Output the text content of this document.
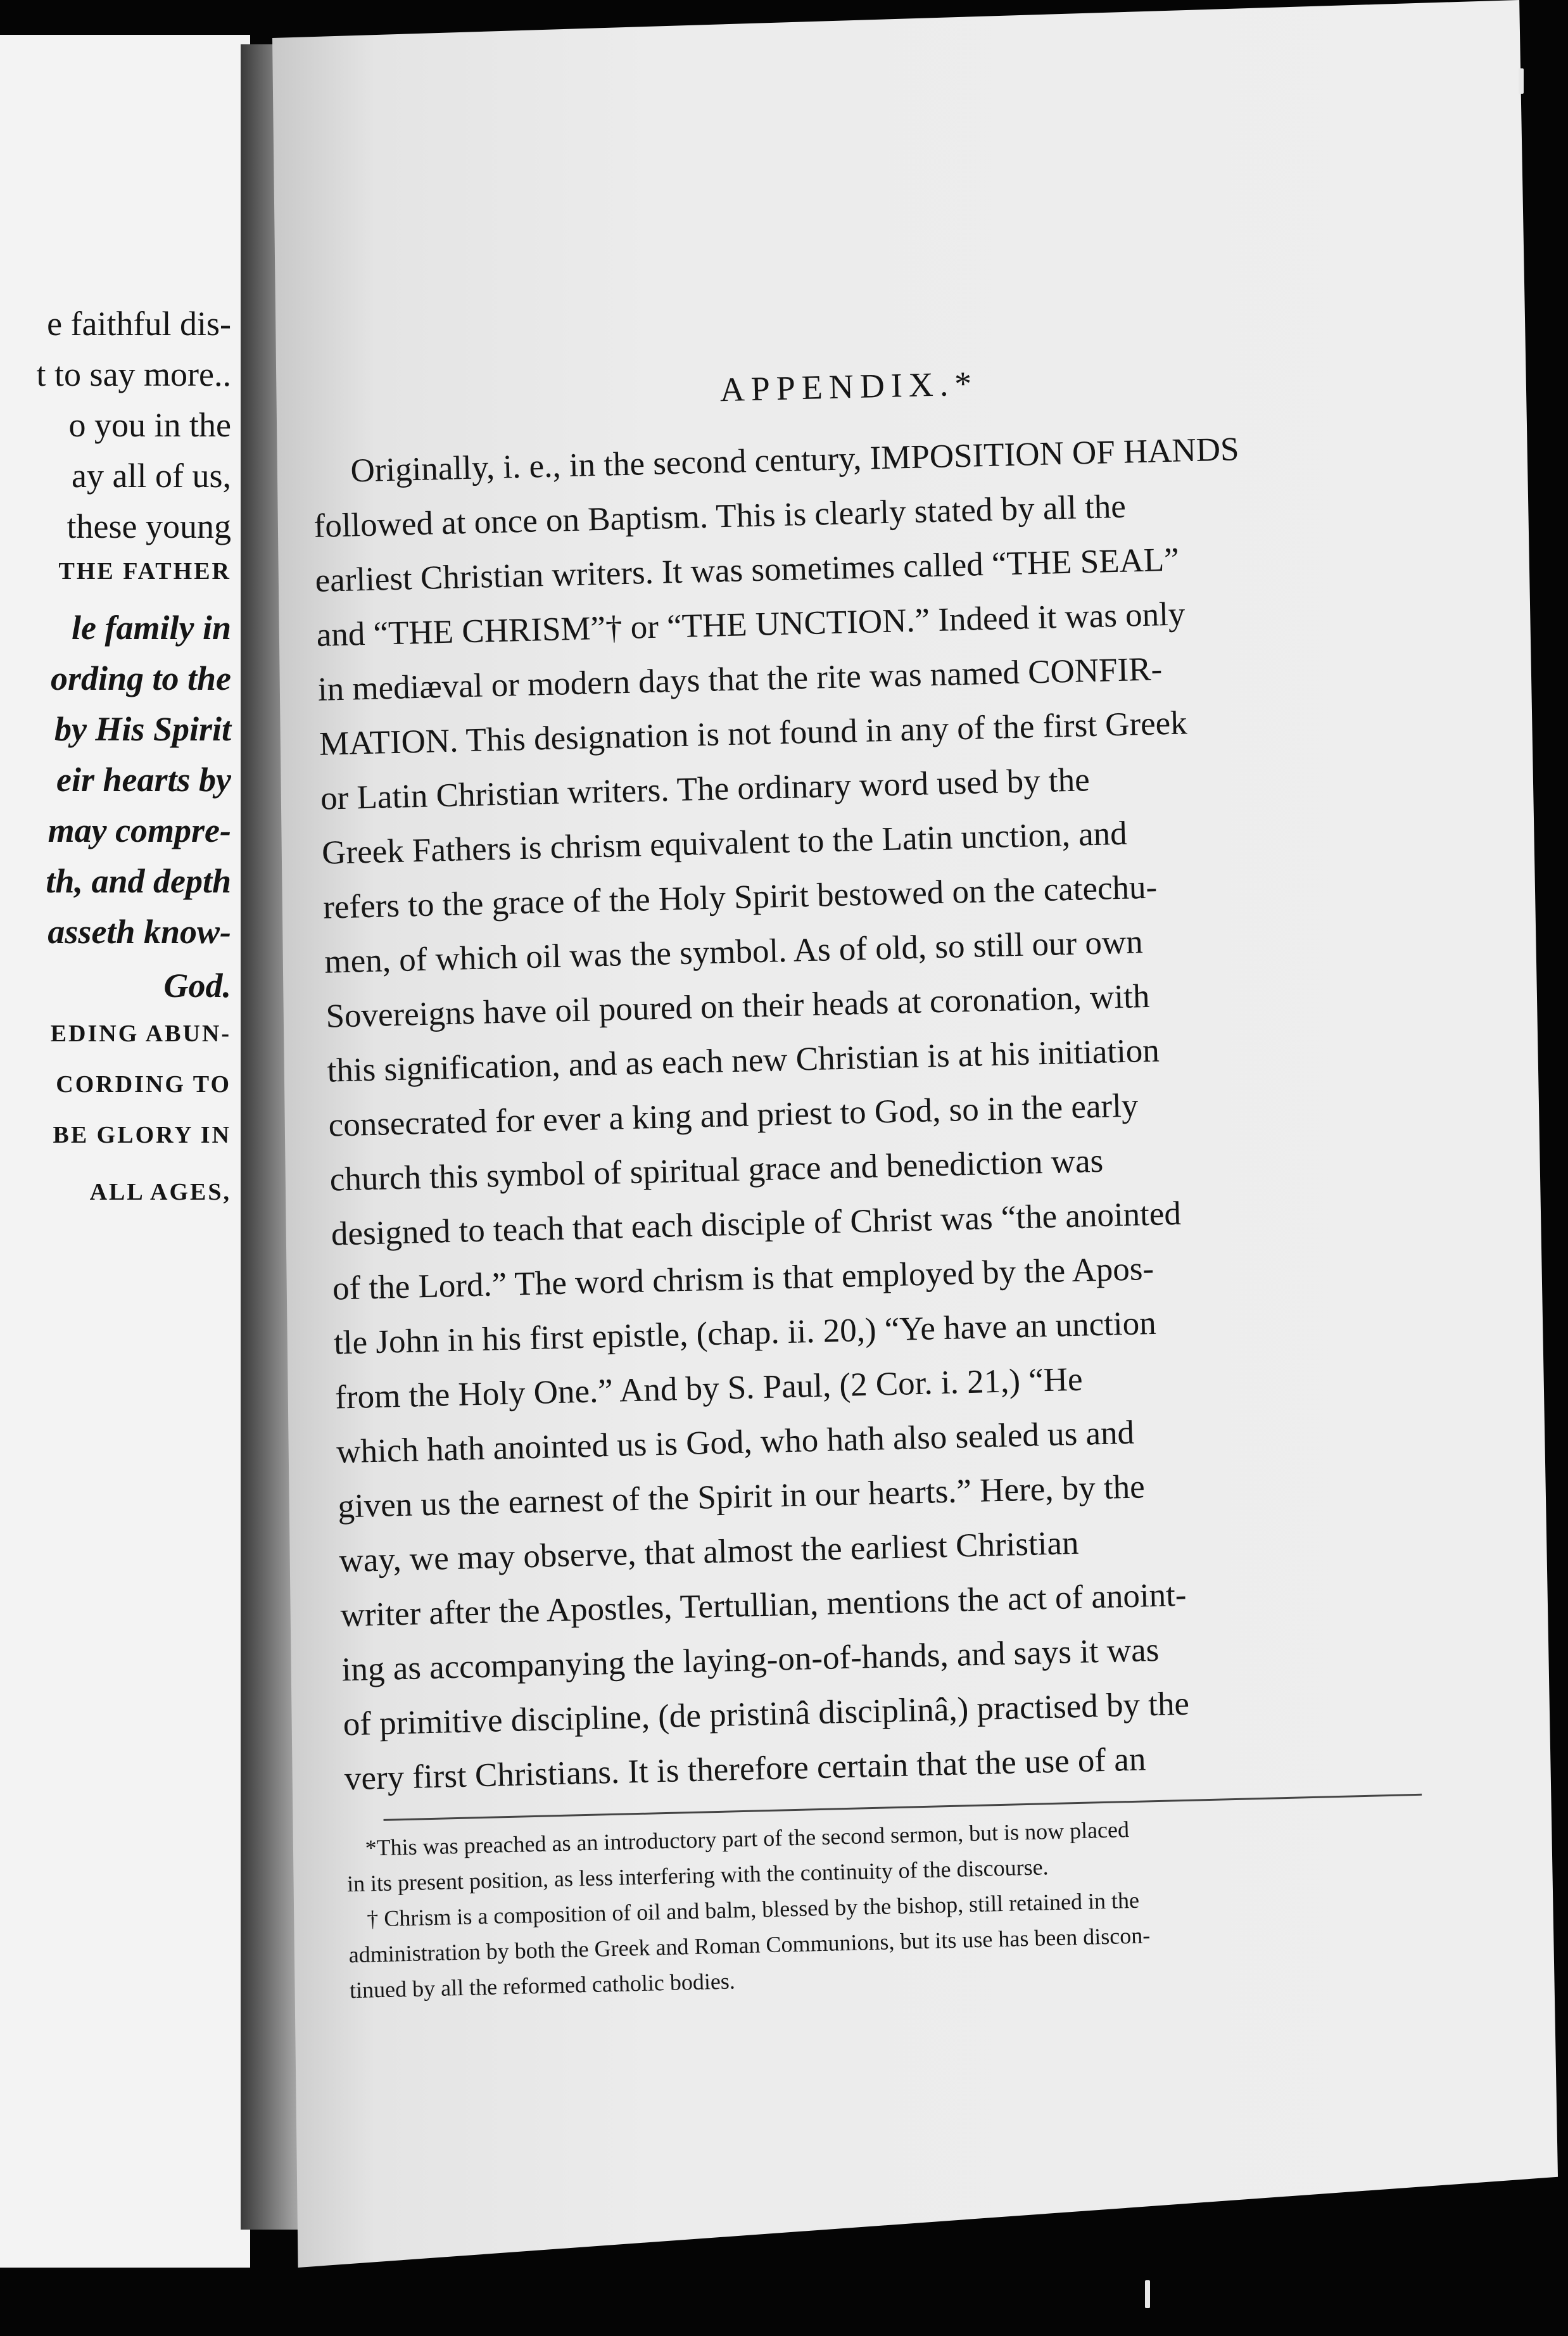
e faithful dis-
t to say more..
o you in the
ay all of us,
these young
THE FATHER
le family in
ording to the
by His Spirit
eir hearts by
may compre-
th, and depth
asseth know-
God.
EDING ABUN-
CORDING TO
BE GLORY IN
ALL AGES,
APPENDIX.*
Originally, i. e., in the second century, IMPOSITION OF HANDS
followed at once on Baptism. This is clearly stated by all the
earliest Christian writers. It was sometimes called “THE SEAL”
and “THE CHRISM”† or “THE UNCTION.” Indeed it was only
in mediæval or modern days that the rite was named CONFIR-
MATION. This designation is not found in any of the first Greek
or Latin Christian writers. The ordinary word used by the
Greek Fathers is chrism equivalent to the Latin unction, and
refers to the grace of the Holy Spirit bestowed on the catechu-
men, of which oil was the symbol. As of old, so still our own
Sovereigns have oil poured on their heads at coronation, with
this signification, and as each new Christian is at his initiation
consecrated for ever a king and priest to God, so in the early
church this symbol of spiritual grace and benediction was
designed to teach that each disciple of Christ was “the anointed
of the Lord.” The word chrism is that employed by the Apos-
tle John in his first epistle, (chap. ii. 20,) “Ye have an unction
from the Holy One.” And by S. Paul, (2 Cor. i. 21,) “He
which hath anointed us is God, who hath also sealed us and
given us the earnest of the Spirit in our hearts.” Here, by the
way, we may observe, that almost the earliest Christian
writer after the Apostles, Tertullian, mentions the act of anoint-
ing as accompanying the laying-on-of-hands, and says it was
of primitive discipline, (de pristinâ disciplinâ,) practised by the
very first Christians. It is therefore certain that the use of an
*This was preached as an introductory part of the second sermon, but is now placed
in its present position, as less interfering with the continuity of the discourse.
† Chrism is a composition of oil and balm, blessed by the bishop, still retained in the
administration by both the Greek and Roman Communions, but its use has been discon-
tinued by all the reformed catholic bodies.
